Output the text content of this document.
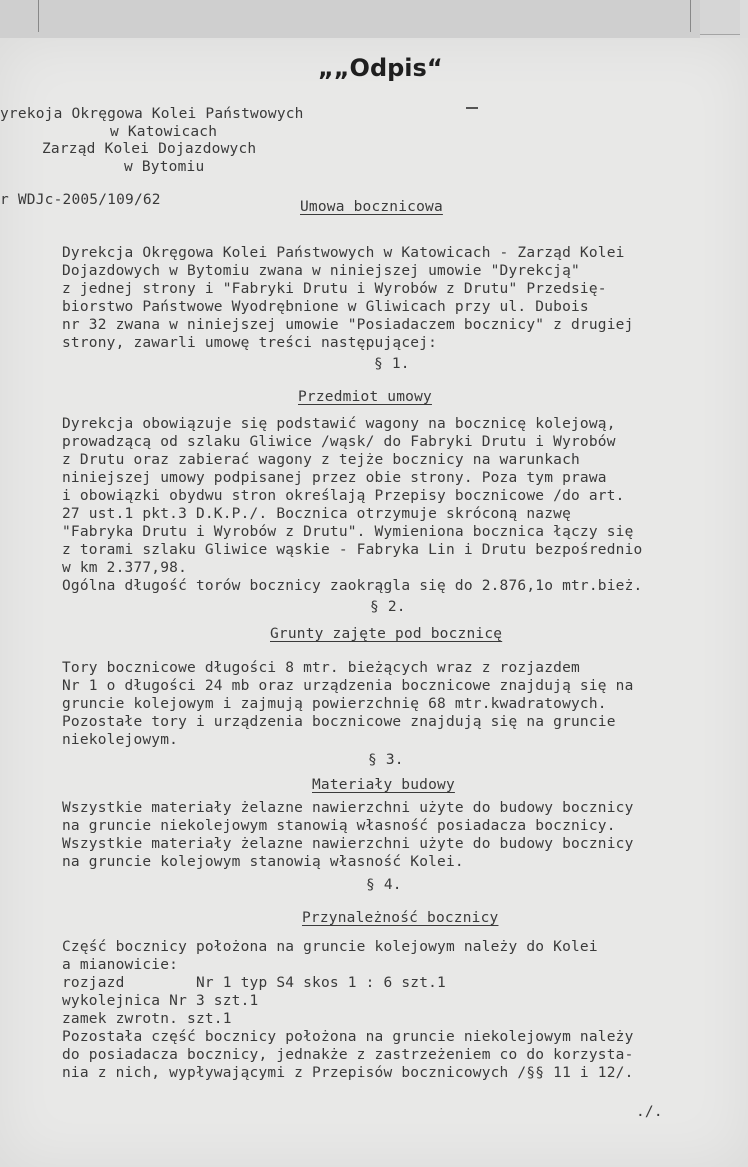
„„Odpis“
yrekoja Okręgowa Kolei Państwowych
w Katowicach
Zarząd Kolei Dojazdowych
w Bytomiu
r WDJc-2005/109/62	Umowa bocznicowa
Dyrekcja Okręgowa Kolei Państwowych w Katowicach - Zarząd Kolei
Dojazdowych w Bytomiu zwana w niniejszej umowie "Dyrekcją"
z jednej strony i "Fabryki Drutu i Wyrobów z Drutu" Przedsię-
biorstwo Państwowe Wyodrębnione w Gliwicach przy ul. Dubois
nr 32 zwana w niniejszej umowie "Posiadaczem bocznicy" z drugiej
strony, zawarli umowę treści następującej:
§ 1.
Przedmiot umowy
Dyrekcja obowiązuje się podstawić wagony na bocznicę kolejową,
prowadzącą od szlaku Gliwice /wąsk/ do Fabryki Drutu i Wyrobów
z Drutu oraz zabierać wagony z tejże bocznicy na warunkach
niniejszej umowy podpisanej przez obie strony. Poza tym prawa
i obowiązki obydwu stron określają Przepisy bocznicowe /do art.
27 ust.1 pkt.3 D.K.P./. Bocznica otrzymuje skróconą nazwę
"Fabryka Drutu i Wyrobów z Drutu". Wymieniona bocznica łączy się
z torami szlaku Gliwice wąskie - Fabryka Lin i Drutu bezpośrednio
w km 2.377,98.
Ogólna długość torów bocznicy zaokrągla się do 2.876,1o mtr.bież.
§ 2.
Grunty zajęte pod bocznicę
Tory bocznicowe długości 8 mtr. bieżących wraz z rozjazdem
Nr 1 o długości 24 mb oraz urządzenia bocznicowe znajdują się na
gruncie kolejowym i zajmują powierzchnię 68 mtr.kwadratowych.
Pozostałe tory i urządzenia bocznicowe znajdują się na gruncie
niekolejowym.
§ 3.
Materiały budowy
Wszystkie materiały żelazne nawierzchni użyte do budowy bocznicy
na gruncie niekolejowym stanowią własność posiadacza bocznicy.
Wszystkie materiały żelazne nawierzchni użyte do budowy bocznicy
na gruncie kolejowym stanowią własność Kolei.
§ 4.
Przynależność bocznicy
Część bocznicy położona na gruncie kolejowym należy do Kolei
a mianowicie:
rozjazd        Nr 1 typ S4 skos 1 : 6 szt.1
wykolejnica Nr 3 szt.1
zamek zwrotn. szt.1
Pozostała część bocznicy położona na gruncie niekolejowym należy
do posiadacza bocznicy, jednakże z zastrzeżeniem co do korzysta-
nia z nich, wypływającymi z Przepisów bocznicowych /§§ 11 i 12/.
./.
